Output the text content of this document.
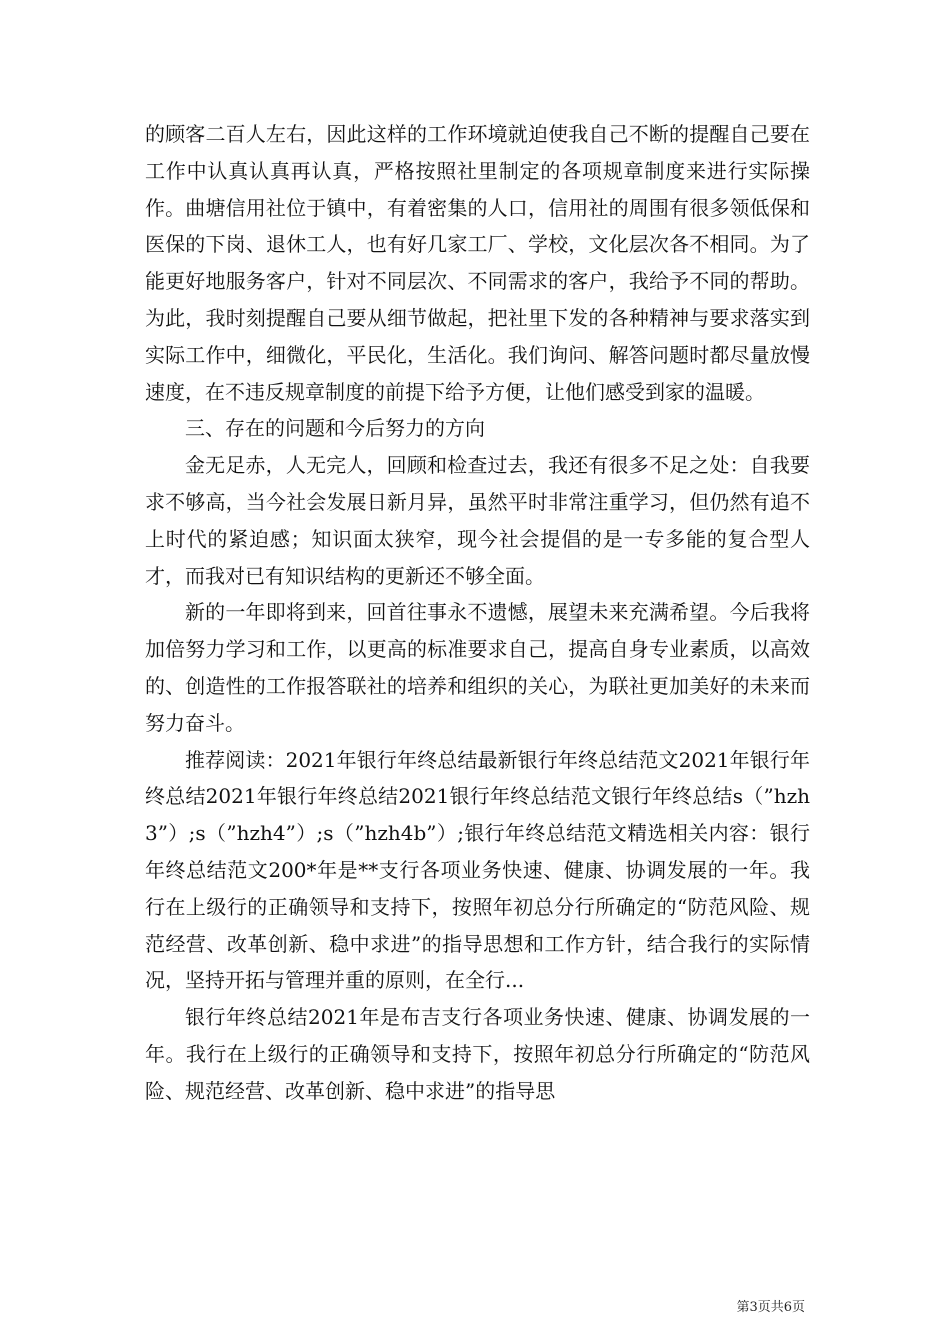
的顾客二百人左右，因此这样的工作环境就迫使我自己不断的提醒自己要在工作中认真认真再认真，严格按照社里制定的各项规章制度来进行实际操作。曲塘信用社位于镇中，有着密集的人口，信用社的周围有很多领低保和医保的下岗、退休工人，也有好几家工厂、学校，文化层次各不相同。为了能更好地服务客户，针对不同层次、不同需求的客户，我给予不同的帮助。为此，我时刻提醒自己要从细节做起，把社里下发的各种精神与要求落实到实际工作中，细微化，平民化，生活化。我们询问、解答问题时都尽量放慢速度，在不违反规章制度的前提下给予方便，让他们感受到家的温暖。

三、存在的问题和今后努力的方向

金无足赤，人无完人，回顾和检查过去，我还有很多不足之处：自我要求不够高，当今社会发展日新月异，虽然平时非常注重学习，但仍然有追不上时代的紧迫感；知识面太狭窄，现今社会提倡的是一专多能的复合型人才，而我对已有知识结构的更新还不够全面。

新的一年即将到来，回首往事永不遗憾，展望未来充满希望。今后我将加倍努力学习和工作，以更高的标准要求自己，提高自身专业素质，以高效的、创造性的工作报答联社的培养和组织的关心，为联社更加美好的未来而努力奋斗。

推荐阅读：2021年银行年终总结最新银行年终总结范文2021年银行年终总结2021年银行年终总结2021银行年终总结范文银行年终总结s（”hzh3”）;s（”hzh4”）;s（”hzh4b”）;银行年终总结范文精选相关内容：银行年终总结范文200*年是**支行各项业务快速、健康、协调发展的一年。我行在上级行的正确领导和支持下，按照年初总分行所确定的“防范风险、规范经营、改革创新、稳中求进”的指导思想和工作方针，结合我行的实际情况，坚持开拓与管理并重的原则，在全行...

银行年终总结2021年是布吉支行各项业务快速、健康、协调发展的一年。我行在上级行的正确领导和支持下，按照年初总分行所确定的“防范风险、规范经营、改革创新、稳中求进”的指导思

第3页共6页
